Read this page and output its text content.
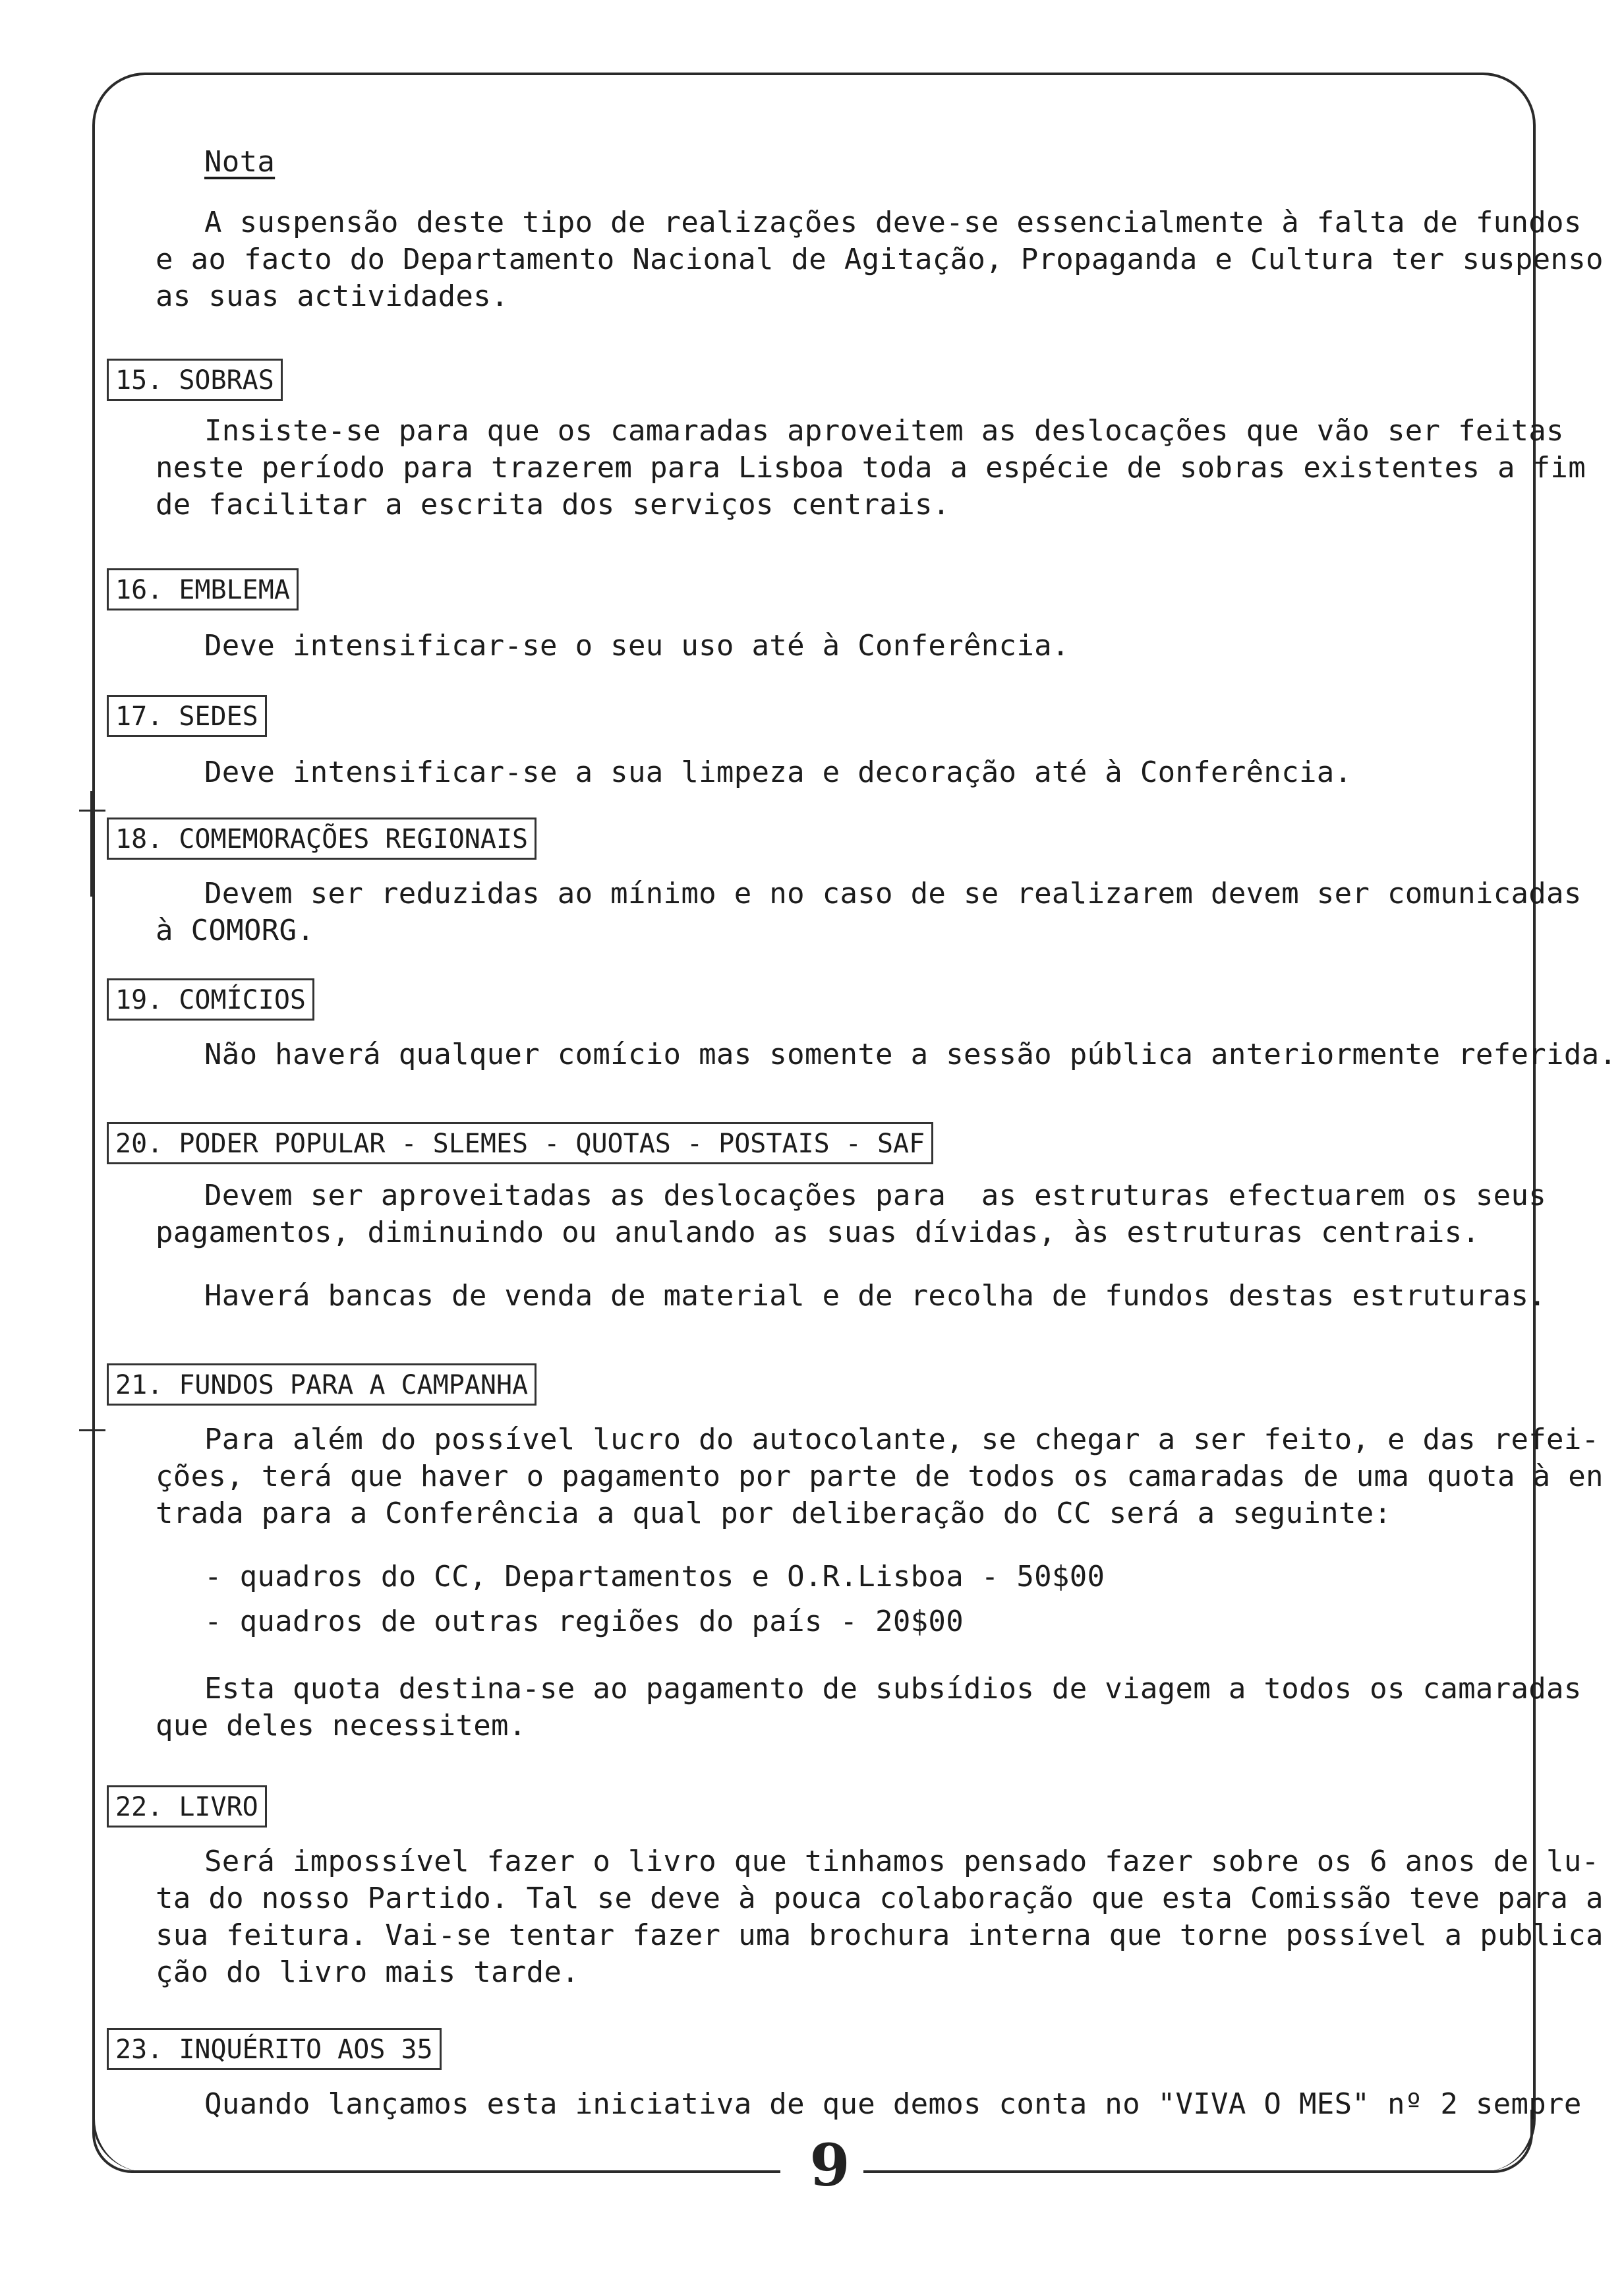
Nota
A suspensão deste tipo de realizações deve-se essencialmente à falta de fundos
e ao facto do Departamento Nacional de Agitação, Propaganda e Cultura ter suspenso
as suas actividades.
15. SOBRAS
Insiste-se para que os camaradas aproveitem as deslocações que vão ser feitas
neste período para trazerem para Lisboa toda a espécie de sobras existentes a fim
de facilitar a escrita dos serviços centrais.
16. EMBLEMA
Deve intensificar-se o seu uso até à Conferência.
17. SEDES
Deve intensificar-se a sua limpeza e decoração até à Conferência.
18. COMEMORAÇÕES REGIONAIS
Devem ser reduzidas ao mínimo e no caso de se realizarem devem ser comunicadas
à COMORG.
19. COMÍCIOS
Não haverá qualquer comício mas somente a sessão pública anteriormente referida.
20. PODER POPULAR - SLEMES - QUOTAS - POSTAIS - SAF
Devem ser aproveitadas as deslocações para  as estruturas efectuarem os seus
pagamentos, diminuindo ou anulando as suas dívidas, às estruturas centrais.
Haverá bancas de venda de material e de recolha de fundos destas estruturas.
21. FUNDOS PARA A CAMPANHA
Para além do possível lucro do autocolante, se chegar a ser feito, e das refei-
ções, terá que haver o pagamento por parte de todos os camaradas de uma quota à en
trada para a Conferência a qual por deliberação do CC será a seguinte:
- quadros do CC, Departamentos e O.R.Lisboa - 50$00
- quadros de outras regiões do país - 20$00
Esta quota destina-se ao pagamento de subsídios de viagem a todos os camaradas
que deles necessitem.
22. LIVRO
Será impossível fazer o livro que tinhamos pensado fazer sobre os 6 anos de lu-
ta do nosso Partido. Tal se deve à pouca colaboração que esta Comissão teve para a
sua feitura. Vai-se tentar fazer uma brochura interna que torne possível a publica
ção do livro mais tarde.
23. INQUÉRITO AOS 35
Quando lançamos esta iniciativa de que demos conta no "VIVA O MES" nº 2 sempre
9
